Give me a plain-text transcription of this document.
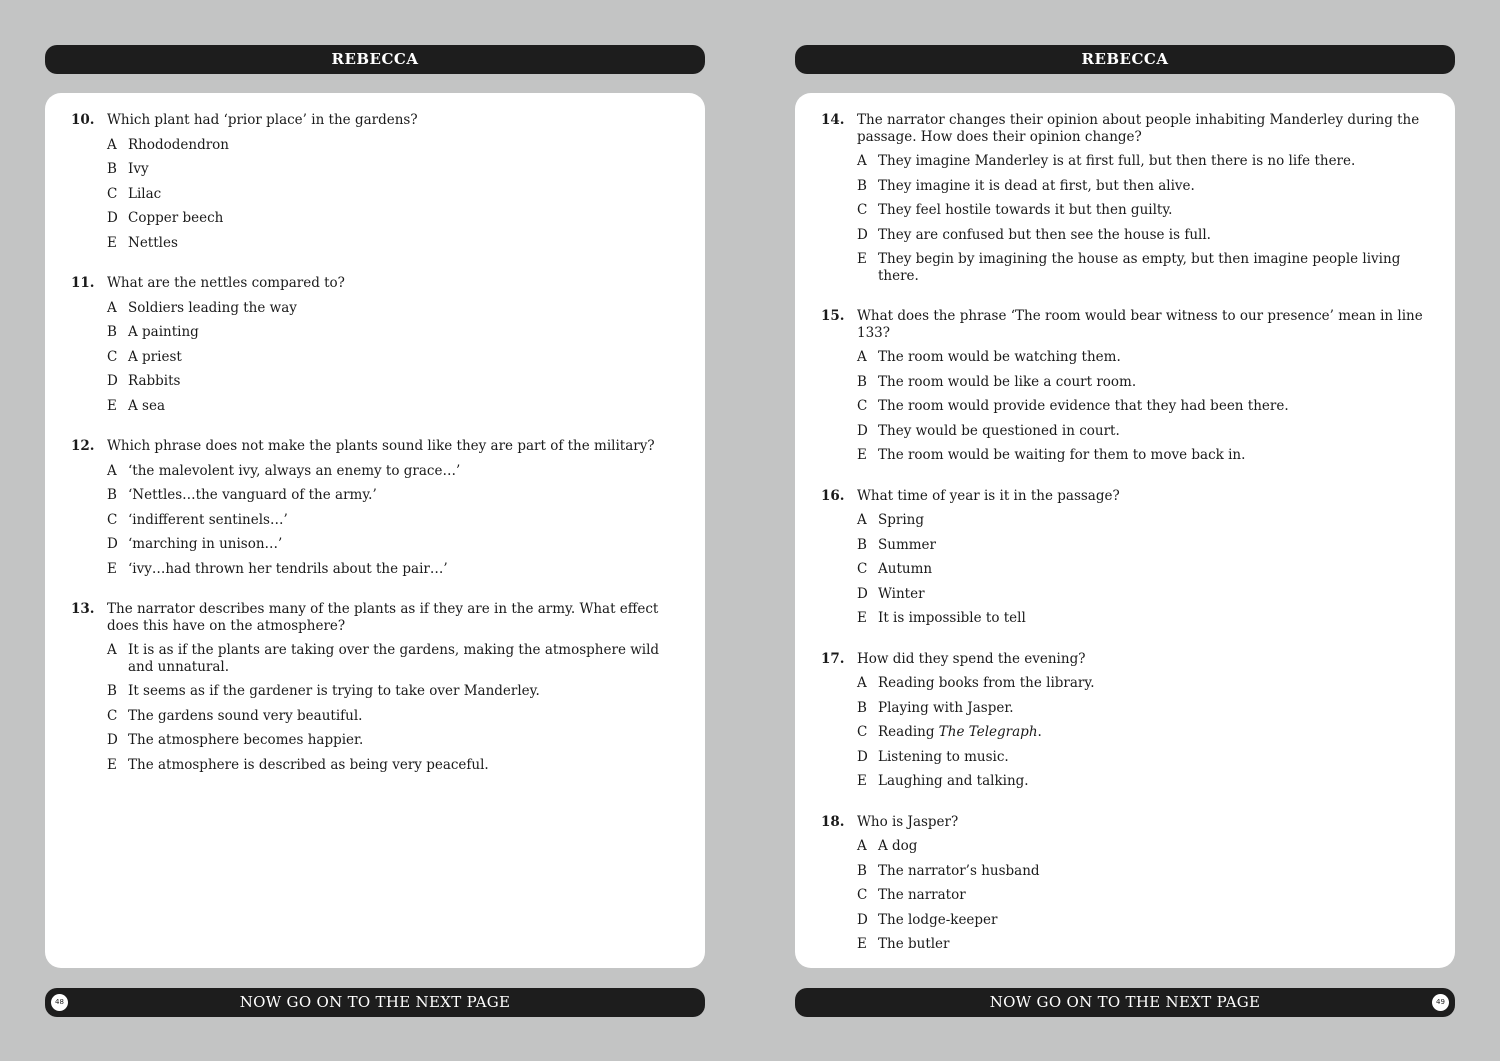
REBECCA
10. Which plant had ‘prior place’ in the gardens?
A Rhododendron
B Ivy
C Lilac
D Copper beech
E Nettles
11. What are the nettles compared to?
A Soldiers leading the way
B A painting
C A priest
D Rabbits
E A sea
12. Which phrase does not make the plants sound like they are part of the military?
A ‘the malevolent ivy, always an enemy to grace…’
B ‘Nettles…the vanguard of the army.’
C ‘indifferent sentinels…’
D ‘marching in unison…’
E ‘ivy…had thrown her tendrils about the pair…’
13. The narrator describes many of the plants as if they are in the army. What effect does this have on the atmosphere?
A It is as if the plants are taking over the gardens, making the atmosphere wild and unnatural.
B It seems as if the gardener is trying to take over Manderley.
C The gardens sound very beautiful.
D The atmosphere becomes happier.
E The atmosphere is described as being very peaceful.
48	NOW GO ON TO THE NEXT PAGE
REBECCA
14. The narrator changes their opinion about people inhabiting Manderley during the passage. How does their opinion change?
A They imagine Manderley is at first full, but then there is no life there.
B They imagine it is dead at first, but then alive.
C They feel hostile towards it but then guilty.
D They are confused but then see the house is full.
E They begin by imagining the house as empty, but then imagine people living there.
15. What does the phrase ‘The room would bear witness to our presence’ mean in line 133?
A The room would be watching them.
B The room would be like a court room.
C The room would provide evidence that they had been there.
D They would be questioned in court.
E The room would be waiting for them to move back in.
16. What time of year is it in the passage?
A Spring
B Summer
C Autumn
D Winter
E It is impossible to tell
17. How did they spend the evening?
A Reading books from the library.
B Playing with Jasper.
C Reading The Telegraph.
D Listening to music.
E Laughing and talking.
18. Who is Jasper?
A A dog
B The narrator’s husband
C The narrator
D The lodge-keeper
E The butler
NOW GO ON TO THE NEXT PAGE	49
